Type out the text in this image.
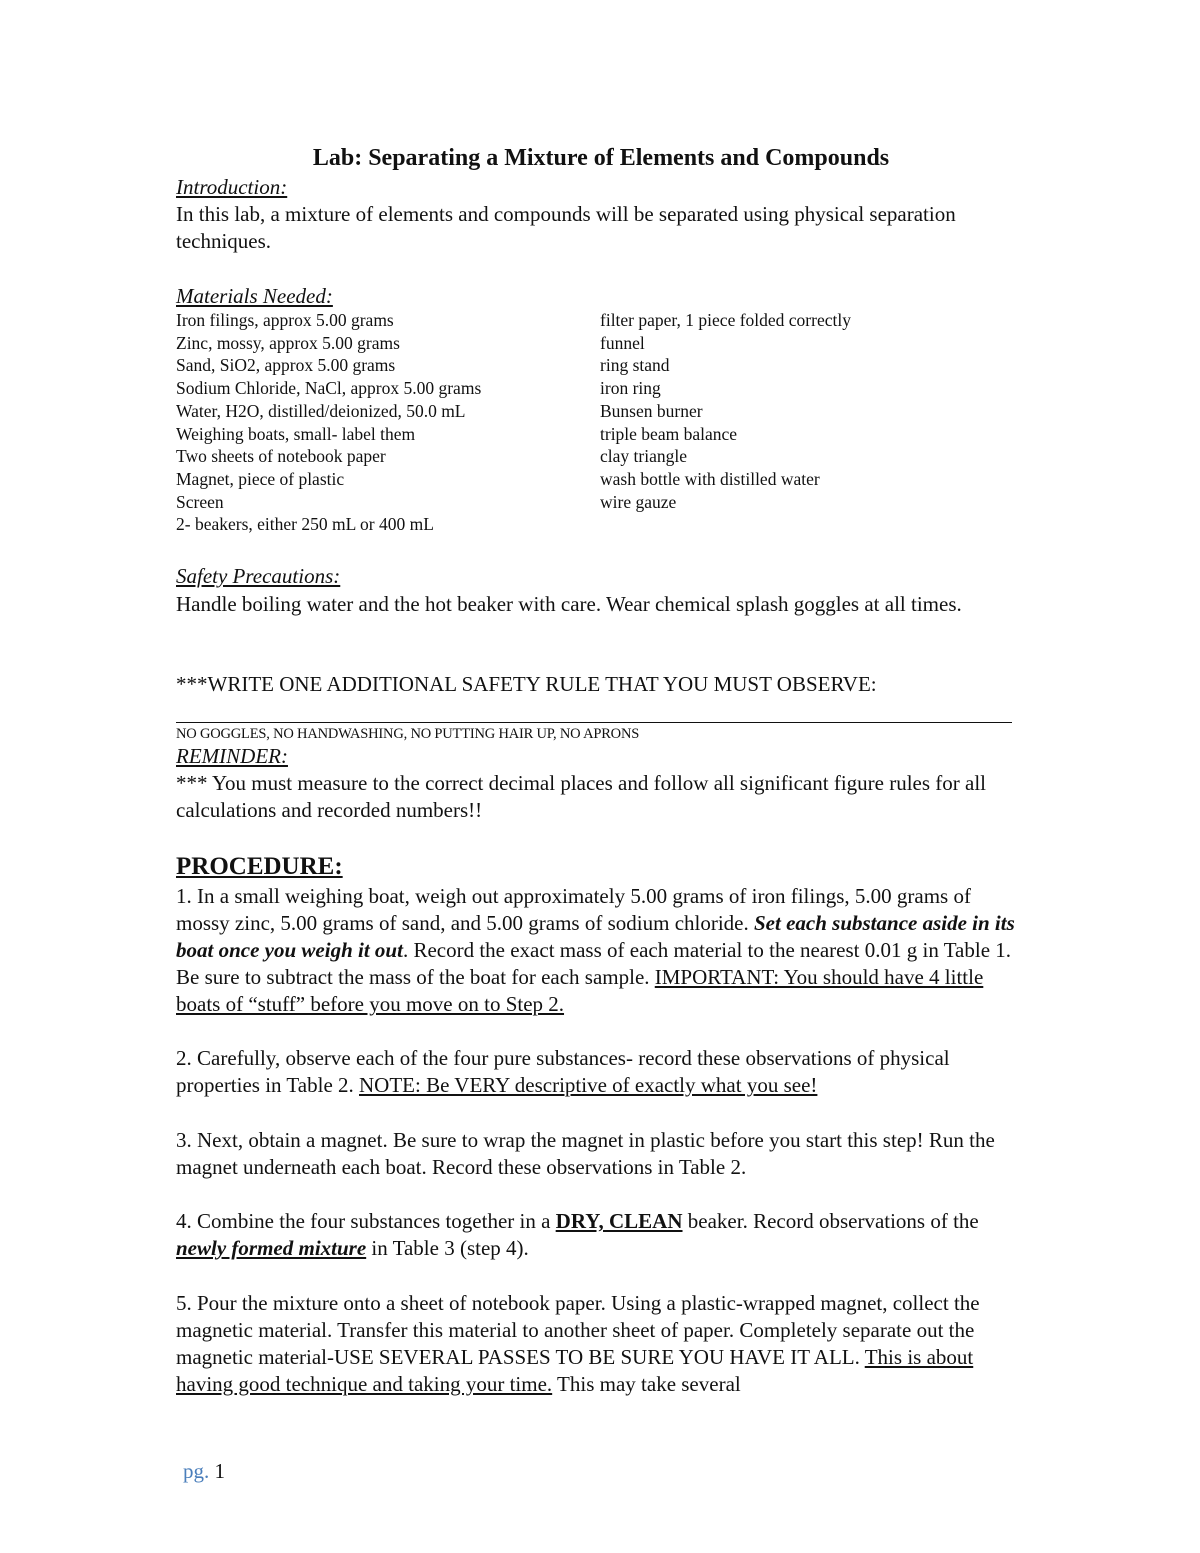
Lab: Separating a Mixture of Elements and Compounds
Introduction:
In this lab, a mixture of elements and compounds will be separated using physical separation techniques.
Materials Needed:
Iron filings, approx 5.00 grams
Zinc, mossy, approx 5.00 grams
Sand, SiO2, approx 5.00 grams
Sodium Chloride, NaCl, approx 5.00 grams
Water, H2O, distilled/deionized, 50.0 mL
Weighing boats, small- label them
Two sheets of notebook paper
Magnet, piece of plastic
Screen
2- beakers, either 250 mL or 400 mL
filter paper, 1 piece folded correctly
funnel
ring stand
iron ring
Bunsen burner
triple beam balance
clay triangle
wash bottle with distilled water
wire gauze
Safety Precautions:
Handle boiling water and the hot beaker with care. Wear chemical splash goggles at all times.
***WRITE ONE ADDITIONAL SAFETY RULE THAT YOU MUST OBSERVE:
NO GOGGLES, NO HANDWASHING, NO PUTTING HAIR UP, NO APRONS
REMINDER:
*** You must measure to the correct decimal places and follow all significant figure rules for all calculations and recorded numbers!!
PROCEDURE:
1. In a small weighing boat, weigh out approximately 5.00 grams of iron filings, 5.00 grams of mossy zinc, 5.00 grams of sand, and 5.00 grams of sodium chloride. Set each substance aside in its boat once you weigh it out. Record the exact mass of each material to the nearest 0.01 g in Table 1. Be sure to subtract the mass of the boat for each sample. IMPORTANT: You should have 4 little boats of “stuff” before you move on to Step 2.
2. Carefully, observe each of the four pure substances- record these observations of physical properties in Table 2. NOTE: Be VERY descriptive of exactly what you see!
3. Next, obtain a magnet. Be sure to wrap the magnet in plastic before you start this step! Run the magnet underneath each boat. Record these observations in Table 2.
4. Combine the four substances together in a DRY, CLEAN beaker. Record observations of the newly formed mixture in Table 3 (step 4).
5. Pour the mixture onto a sheet of notebook paper. Using a plastic-wrapped magnet, collect the magnetic material. Transfer this material to another sheet of paper. Completely separate out the magnetic material-USE SEVERAL PASSES TO BE SURE YOU HAVE IT ALL. This is about having good technique and taking your time. This may take several
pg. 1
